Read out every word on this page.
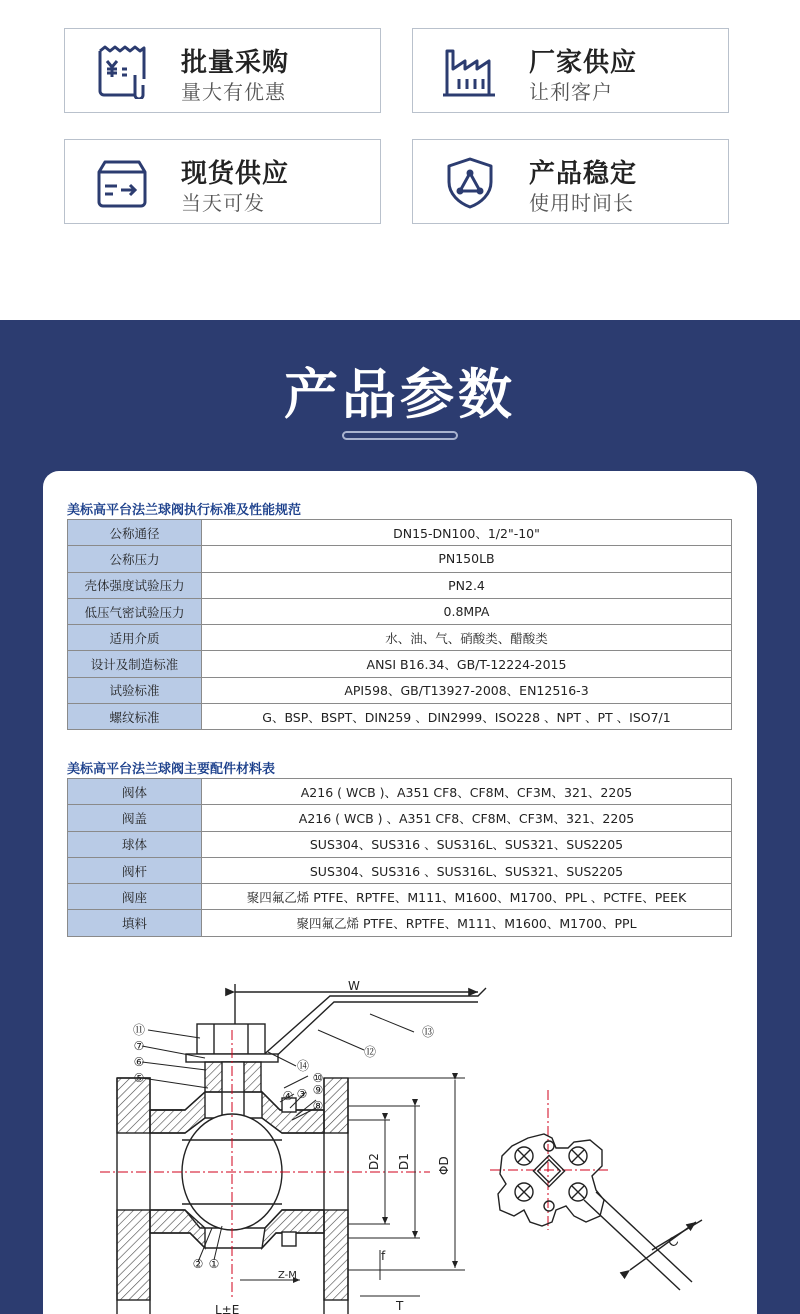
批量采购
量大有优惠
厂家供应
让利客户
现货供应
当天可发
产品稳定
使用时间长
产品参数
美标高平台法兰球阀执行标准及性能规范
公称通径	DN15-DN100、1/2"-10"
公称压力	PN150LB
壳体强度试验压力	PN2.4
低压气密试验压力	0.8MPA
适用介质	水、油、气、硝酸类、醋酸类
设计及制造标准	ANSI B16.34、GB/T-12224-2015
试验标准	API598、GB/T13927-2008、EN12516-3
螺纹标准	G、BSP、BSPT、DIN259 、DIN2999、ISO228 、NPT 、PT 、ISO7/1
美标高平台法兰球阀主要配件材料表
阀体	A216 ( WCB )、A351 CF8、CF8M、CF3M、321、2205
阀盖	A216 ( WCB ) 、A351 CF8、CF8M、CF3M、321、2205
球体	SUS304、SUS316 、SUS316L、SUS321、SUS2205
阀杆	SUS304、SUS316 、SUS316L、SUS321、SUS2205
阀座	聚四氟乙烯 PTFE、RPTFE、M111、M1600、M1700、PPL 、PCTFE、PEEK
填料	聚四氟乙烯 PTFE、RPTFE、M111、M1600、M1700、PPL
⑪
⑦
⑥
⑤
⑭
⑬
⑫
⑩
④ ③ ⑨
⑧
② ①
W
D2 D1 ΦD
Z-M
f
T
L±E
C
